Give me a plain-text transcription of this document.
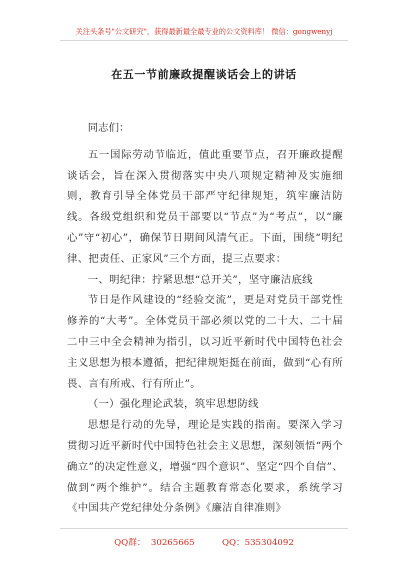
关注头条号"公文研究"，获得最新最全最专业的公文资料库！ 微信：gongwenyj
在五一节前廉政提醒谈话会上的讲话

同志们：

五一国际劳动节临近，值此重要节点，召开廉政提醒谈话会，旨在深入贯彻落实中央八项规定精神及实施细则，教育引导全体党员干部严守纪律规矩，筑牢廉洁防线。各级党组织和党员干部要以“节点”为“考点”，以“廉心”守“初心”，确保节日期间风清气正。下面，围绕“明纪律、把责任、正家风”三个方面，提三点要求：

一、明纪律：拧紧思想“总开关”，坚守廉洁底线

节日是作风建设的“经验交流”，更是对党员干部党性修养的“大考”。全体党员干部必须以党的二十大、二十届二中三中全会精神为指引，以习近平新时代中国特色社会主义思想为根本遵循，把纪律规矩挺在前面，做到“心有所畏、言有所戒、行有所止”。

（一）强化理论武装，筑牢思想防线

思想是行动的先导，理论是实践的指南。要深入学习贯彻习近平新时代中国特色社会主义思想，深刻领悟“两个确立”的决定性意义，增强“四个意识”、坚定“四个自信”、做到“两个维护”。结合主题教育常态化要求，系统学习《中国共产党纪律处分条例》《廉洁自律准则》

QQ群：  30265665          QQ：535304092
